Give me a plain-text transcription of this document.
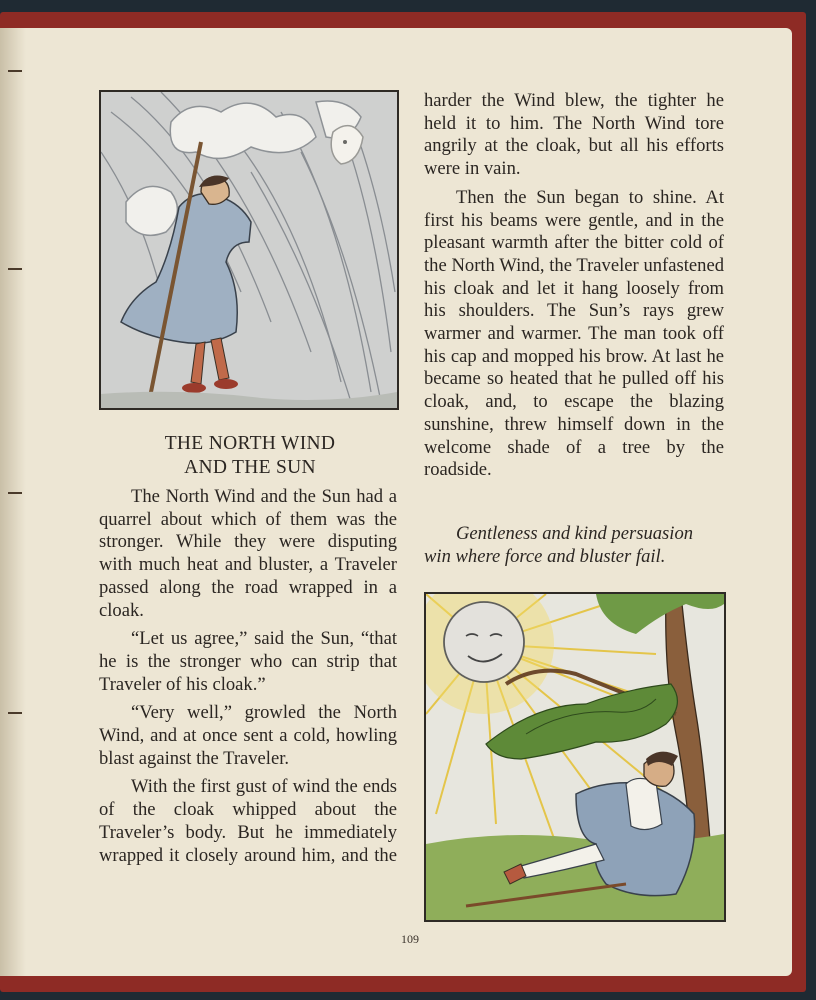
THE NORTH WIND
AND THE SUN

The North Wind and the Sun had a quarrel about which of them was the stronger. While they were disputing with much heat and bluster, a Traveler passed along the road wrapped in a cloak.

“Let us agree,” said the Sun, “that he is the stronger who can strip that Traveler of his cloak.”

“Very well,” growled the North Wind, and at once sent a cold, howling blast against the Traveler.

With the first gust of wind the ends of the cloak whipped about the Traveler’s body. But he immediately wrapped it closely around him, and the

harder the Wind blew, the tighter he held it to him. The North Wind tore angrily at the cloak, but all his efforts were in vain.

Then the Sun began to shine. At first his beams were gentle, and in the pleasant warmth after the bitter cold of the North Wind, the Traveler unfastened his cloak and let it hang loosely from his shoulders. The Sun’s rays grew warmer and warmer. The man took off his cap and mopped his brow. At last he became so heated that he pulled off his cloak, and, to escape the blazing sunshine, threw himself down in the welcome shade of a tree by the roadside.

Gentleness and kind persuasion
win where force and bluster fail.
109
